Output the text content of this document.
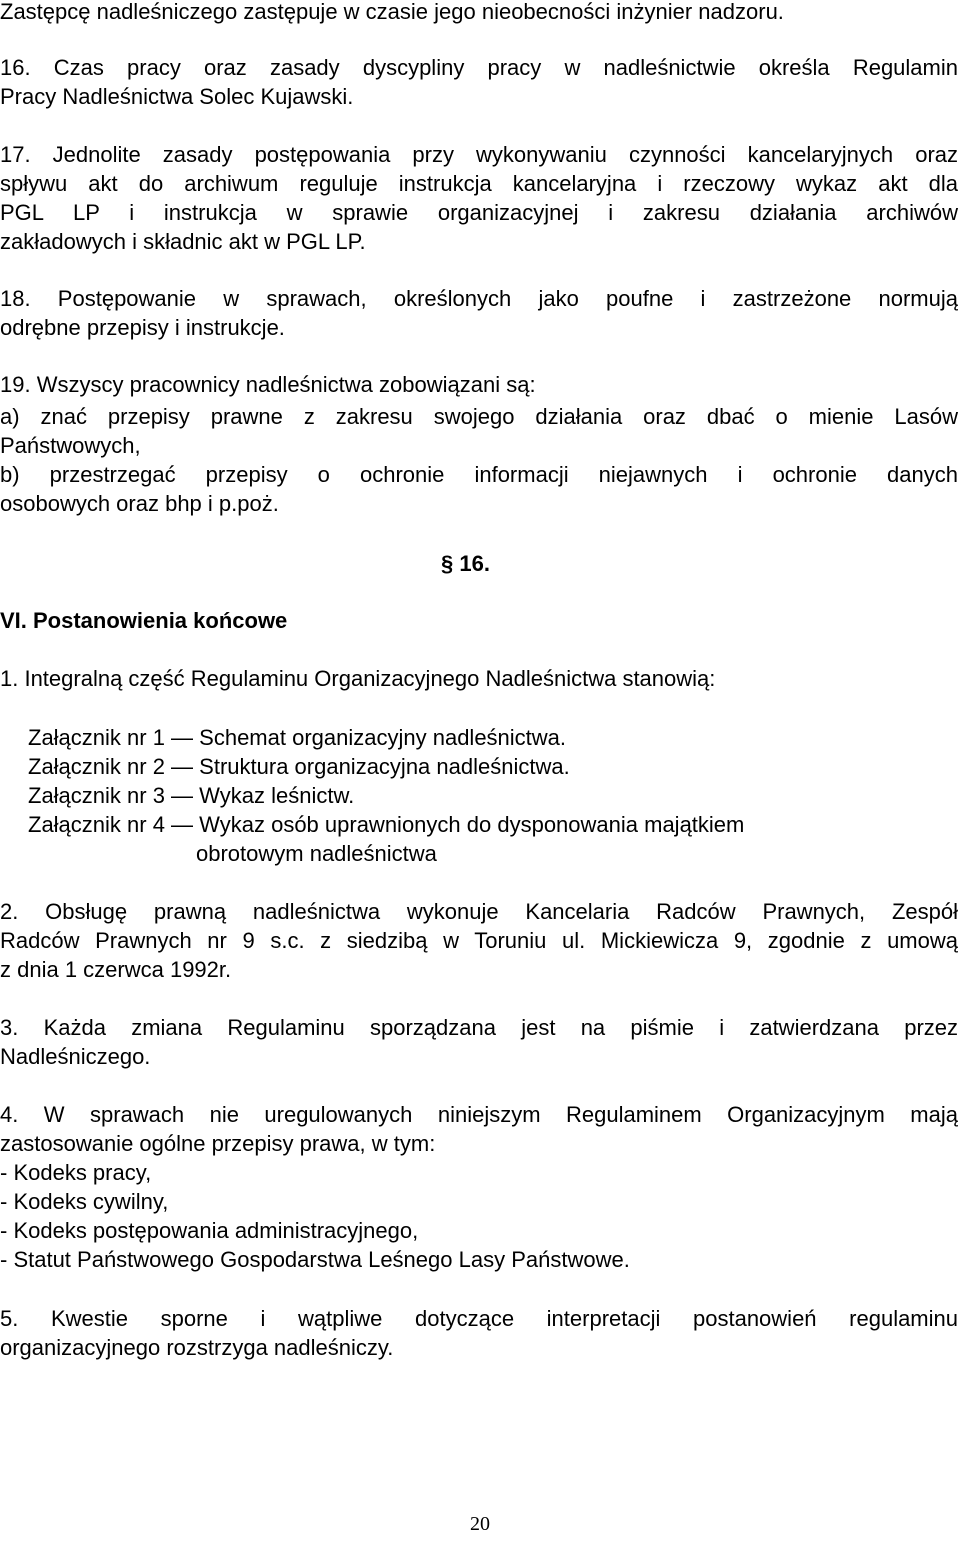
Zastępcę nadleśniczego zastępuje w czasie jego nieobecności inżynier nadzoru.
16. Czas pracy oraz zasady dyscypliny pracy w nadleśnictwie określa Regulamin
Pracy Nadleśnictwa Solec Kujawski.
17. Jednolite zasady postępowania przy wykonywaniu czynności kancelaryjnych oraz
spływu akt do archiwum reguluje instrukcja kancelaryjna i rzeczowy wykaz akt dla
PGL LP i instrukcja w sprawie organizacyjnej i zakresu działania archiwów
zakładowych i składnic akt w PGL LP.
18. Postępowanie w sprawach, określonych jako poufne i zastrzeżone normują
odrębne przepisy i instrukcje.
19. Wszyscy pracownicy nadleśnictwa zobowiązani są:
a) znać przepisy prawne z zakresu swojego działania oraz dbać o mienie Lasów
Państwowych,
b) przestrzegać przepisy o ochronie informacji niejawnych i ochronie danych
osobowych oraz bhp i p.poż.
§ 16.
VI. Postanowienia końcowe
1. Integralną część Regulaminu Organizacyjnego Nadleśnictwa stanowią:
Załącznik nr 1 — Schemat organizacyjny nadleśnictwa.
Załącznik nr 2 — Struktura organizacyjna nadleśnictwa.
Załącznik nr 3 — Wykaz leśnictw.
Załącznik nr 4 — Wykaz osób uprawnionych do dysponowania majątkiem
obrotowym nadleśnictwa
2. Obsługę prawną nadleśnictwa wykonuje Kancelaria Radców Prawnych, Zespół
Radców Prawnych nr 9 s.c. z siedzibą w Toruniu ul. Mickiewicza 9, zgodnie z umową
z dnia 1 czerwca 1992r.
3. Każda zmiana Regulaminu sporządzana jest na piśmie i zatwierdzana przez
Nadleśniczego.
4. W sprawach nie uregulowanych niniejszym Regulaminem Organizacyjnym mają
zastosowanie ogólne przepisy prawa, w tym:
- Kodeks pracy,
- Kodeks cywilny,
- Kodeks postępowania administracyjnego,
- Statut Państwowego Gospodarstwa Leśnego Lasy Państwowe.
5. Kwestie sporne i wątpliwe dotyczące interpretacji postanowień regulaminu
organizacyjnego rozstrzyga nadleśniczy.
20
